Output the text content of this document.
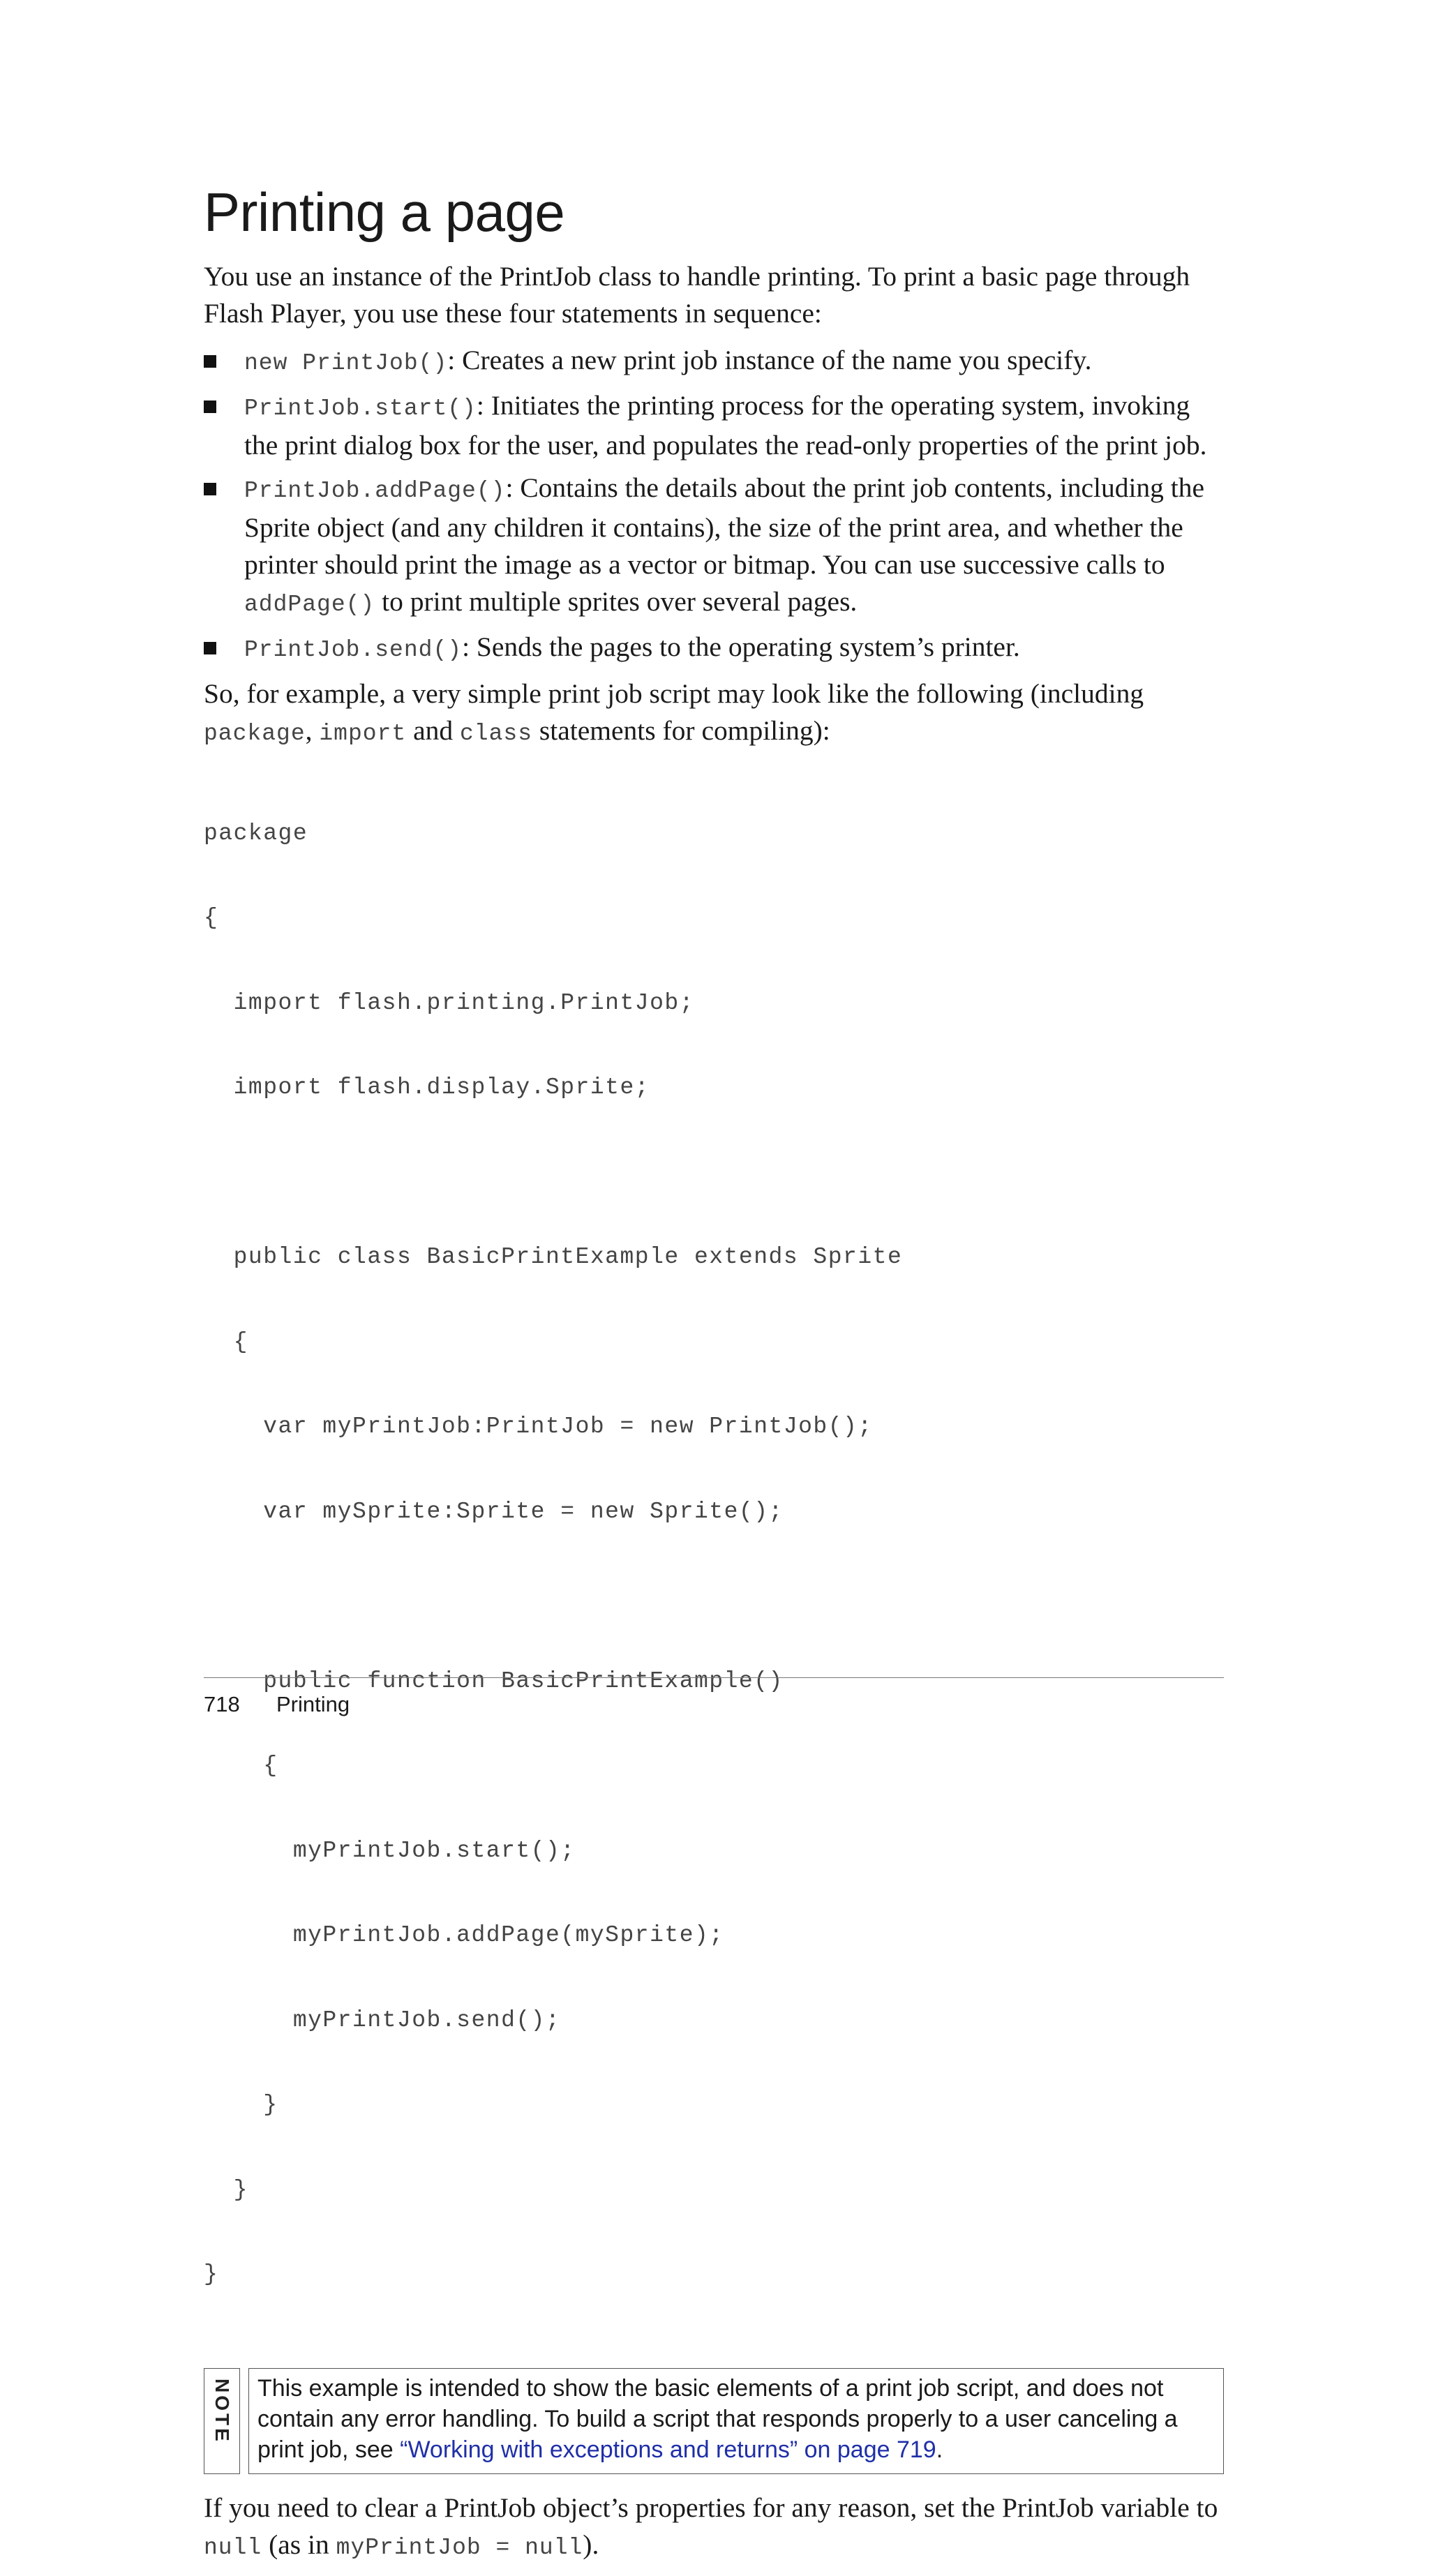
Printing a page

You use an instance of the PrintJob class to handle printing. To print a basic page through Flash Player, you use these four statements in sequence:

new PrintJob(): Creates a new print job instance of the name you specify.
PrintJob.start(): Initiates the printing process for the operating system, invoking the print dialog box for the user, and populates the read-only properties of the print job.
PrintJob.addPage(): Contains the details about the print job contents, including the Sprite object (and any children it contains), the size of the print area, and whether the printer should print the image as a vector or bitmap. You can use successive calls to addPage() to print multiple sprites over several pages.
PrintJob.send(): Sends the pages to the operating system’s printer.

So, for example, a very simple print job script may look like the following (including package, import and class statements for compiling):

package

{

import flash.printing.PrintJob;

import flash.display.Sprite;

public class BasicPrintExample extends Sprite

{

var myPrintJob:PrintJob = new PrintJob();

var mySprite:Sprite = new Sprite();

public function BasicPrintExample()

{

myPrintJob.start();

myPrintJob.addPage(mySprite);

myPrintJob.send();

}

}

}

NOTE	This example is intended to show the basic elements of a print job script, and does not contain any error handling. To build a script that responds properly to a user canceling a print job, see “Working with exceptions and returns” on page 719.

If you need to clear a PrintJob object’s properties for any reason, set the PrintJob variable to null (as in myPrintJob = null).

718 Printing
